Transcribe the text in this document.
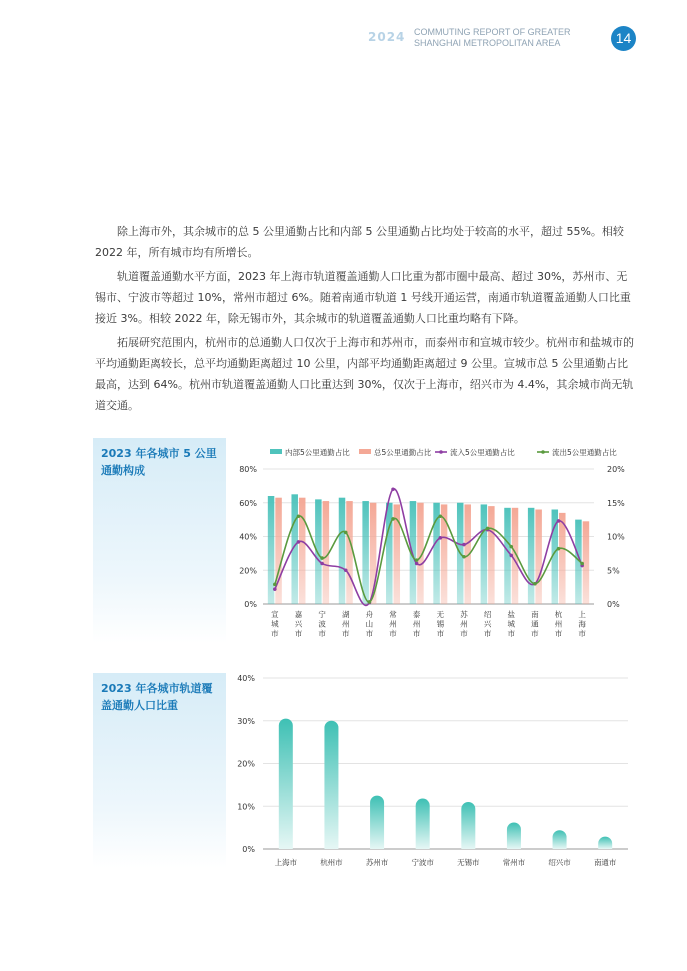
2024 COMMUTING REPORT OF GREATER
SHANGHAI METROPOLITAN AREA	14

除上海市外，其余城市的总 5 公里通勤占比和内部 5 公里通勤占比均处于较高的水平，超过 55%。相较 2022 年，所有城市均有所增长。

轨道覆盖通勤水平方面，2023 年上海市轨道覆盖通勤人口比重为都市圈中最高、超过 30%，苏州市、无锡市、宁波市等超过 10%，常州市超过 6%。随着南通市轨道 1 号线开通运营，南通市轨道覆盖通勤人口比重接近 3%。相较 2022 年，除无锡市外，其余城市的轨道覆盖通勤人口比重均略有下降。

拓展研究范围内，杭州市的总通勤人口仅次于上海市和苏州市，而泰州市和宣城市较少。杭州市和盐城市的平均通勤距离较长，总平均通勤距离超过 10 公里，内部平均通勤距离超过 9 公里。宣城市总 5 公里通勤占比最高，达到 64%。杭州市轨道覆盖通勤人口比重达到 30%，仅次于上海市，绍兴市为 4.4%，其余城市尚无轨道交通。

2023 年各城市 5 公里通勤构成
0%
20%
40%
60%
80%
0%
5%
10%
15%
20%
宣城市
嘉兴市
宁波市
湖州市
舟山市
常州市
泰州市
无锡市
苏州市
绍兴市
盐城市
南通市
杭州市
上海市
内部5公里通勤占比	总5公里通勤占比 流入5公里通勤占比	流出5公里通勤占比
2023 年各城市轨道覆盖通勤人口比重
0%
10%
20%
30%
40%
上海市	杭州市	苏州市	宁波市	无锡市	常州市	绍兴市	南通市
